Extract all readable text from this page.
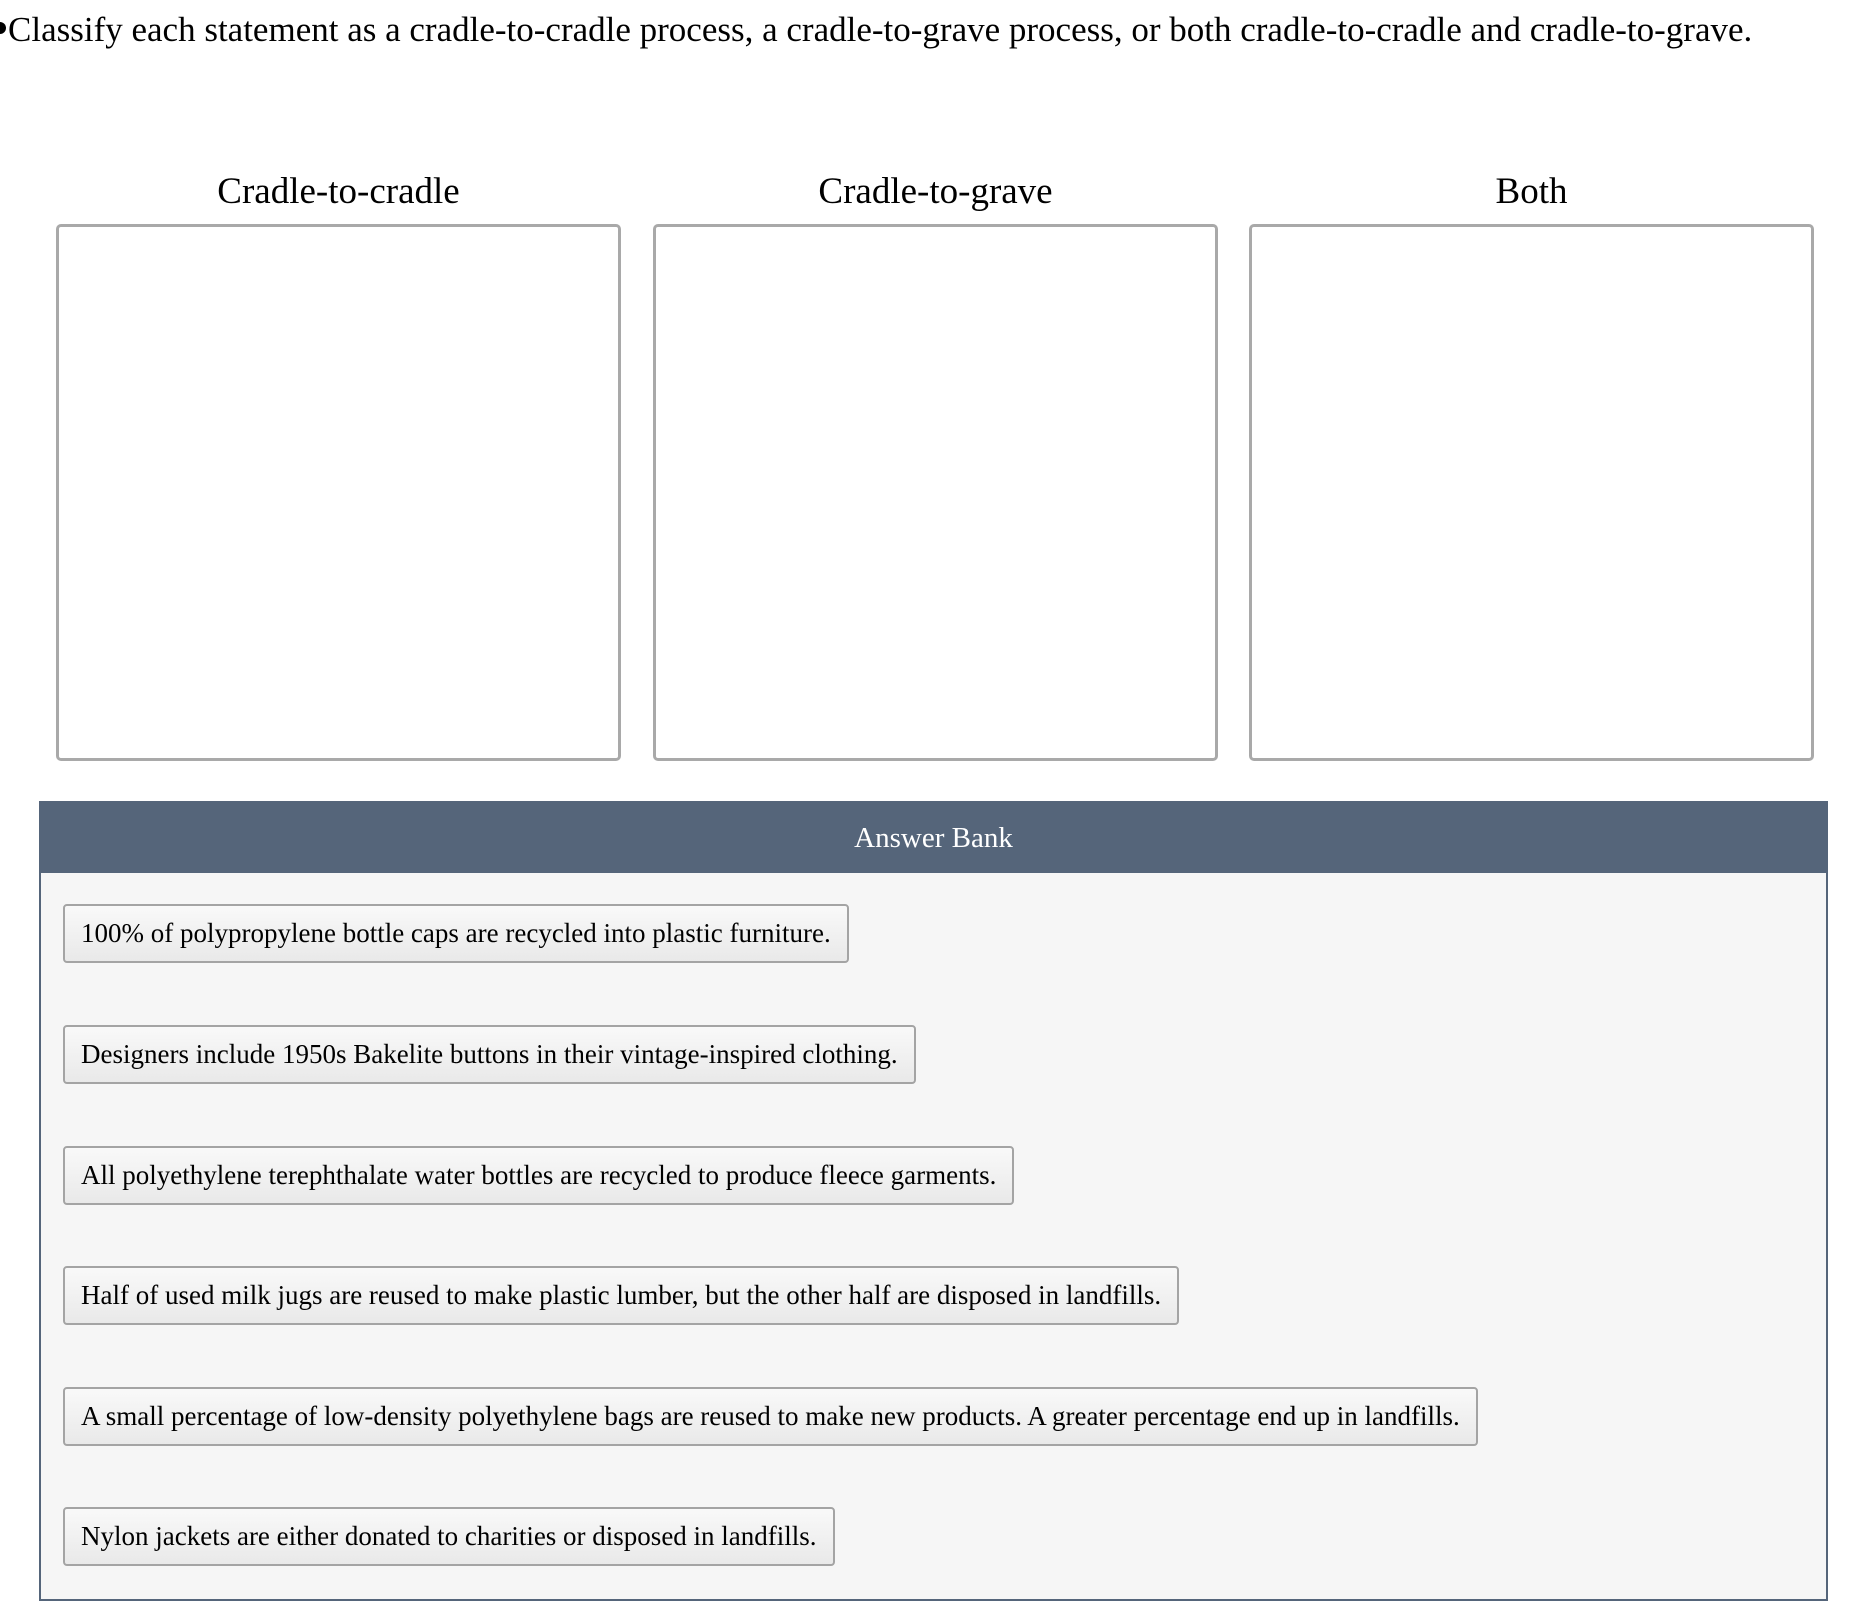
Classify each statement as a cradle-to-cradle process, a cradle-to-grave process, or both cradle-to-cradle and cradle-to-grave.
Cradle-to-cradle	Cradle-to-grave	Both
Answer Bank
100% of polypropylene bottle caps are recycled into plastic furniture.
Designers include 1950s Bakelite buttons in their vintage-inspired clothing.
All polyethylene terephthalate water bottles are recycled to produce fleece garments.
Half of used milk jugs are reused to make plastic lumber, but the other half are disposed in landfills.
A small percentage of low-density polyethylene bags are reused to make new products. A greater percentage end up in landfills.
Nylon jackets are either donated to charities or disposed in landfills.
